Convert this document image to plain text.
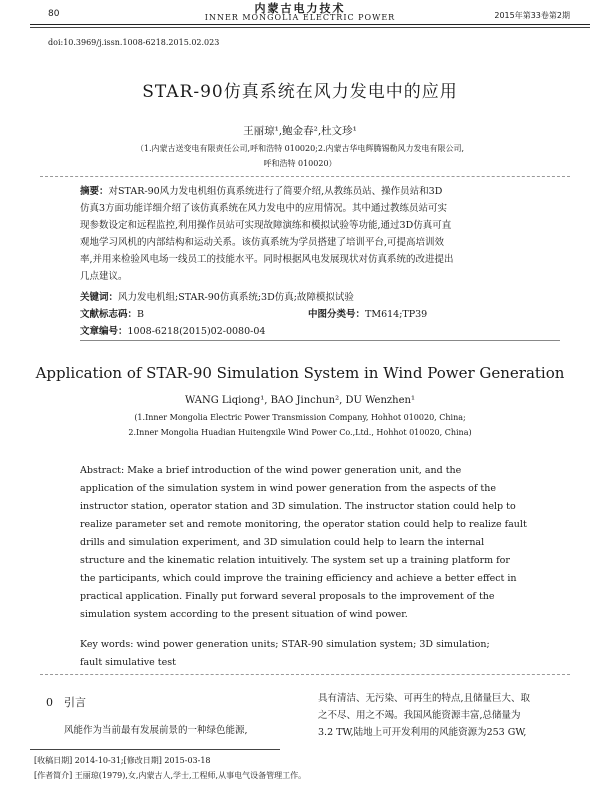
80	内蒙古电力技术
INNER MONGOLIA ELECTRIC POWER	2015年第33卷第2期
doi:10.3969/j.issn.1008-6218.2015.02.023
STAR-90仿真系统在风力发电中的应用
王丽琼¹,鲍金春²,杜文珍¹
（1.内蒙古送变电有限责任公司,呼和浩特 010020;2.内蒙古华电辉腾锡勒风力发电有限公司,
呼和浩特 010020）
摘要：对STAR-90风力发电机组仿真系统进行了简要介绍,从教练员站、操作员站和3D
仿真3方面功能详细介绍了该仿真系统在风力发电中的应用情况。其中通过教练员站可实
现参数设定和远程监控,利用操作员站可实现故障演练和模拟试验等功能,通过3D仿真可直
观地学习风机的内部结构和运动关系。该仿真系统为学员搭建了培训平台,可提高培训效
率,并用来检验风电场一线员工的技能水平。同时根据风电发展现状对仿真系统的改进提出
几点建议。
关键词：风力发电机组;STAR-90仿真系统;3D仿真;故障模拟试验
文献标志码：B	中图分类号：TM614;TP39
文章编号：1008-6218(2015)02-0080-04
Application of STAR-90 Simulation System in Wind Power Generation
WANG Liqiong¹, BAO Jinchun², DU Wenzhen¹
(1.Inner Mongolia Electric Power Transmission Company, Hohhot 010020, China;
2.Inner Mongolia Huadian Huitengxile Wind Power Co.,Ltd., Hohhot 010020, China)
Abstract: Make a brief introduction of the wind power generation unit, and the
application of the simulation system in wind power generation from the aspects of the
instructor station, operator station and 3D simulation. The instructor station could help to
realize parameter set and remote monitoring, the operator station could help to realize fault
drills and simulation experiment, and 3D simulation could help to learn the internal
structure and the kinematic relation intuitively. The system set up a training platform for
the participants, which could improve the training efficiency and achieve a better effect in
practical application. Finally put forward several proposals to the improvement of the
simulation system according to the present situation of wind power.
Key words: wind power generation units; STAR-90 simulation system; 3D simulation;
fault simulative test
0　引言
风能作为当前最有发展前景的一种绿色能源,
具有清洁、无污染、可再生的特点,且储量巨大、取
之不尽、用之不竭。我国风能资源丰富,总储量为
3.2 TW,陆地上可开发利用的风能资源为253 GW,
[收稿日期] 2014-10-31;[修改日期] 2015-03-18
[作者简介] 王丽琼(1979),女,内蒙古人,学士,工程师,从事电气设备管理工作。
